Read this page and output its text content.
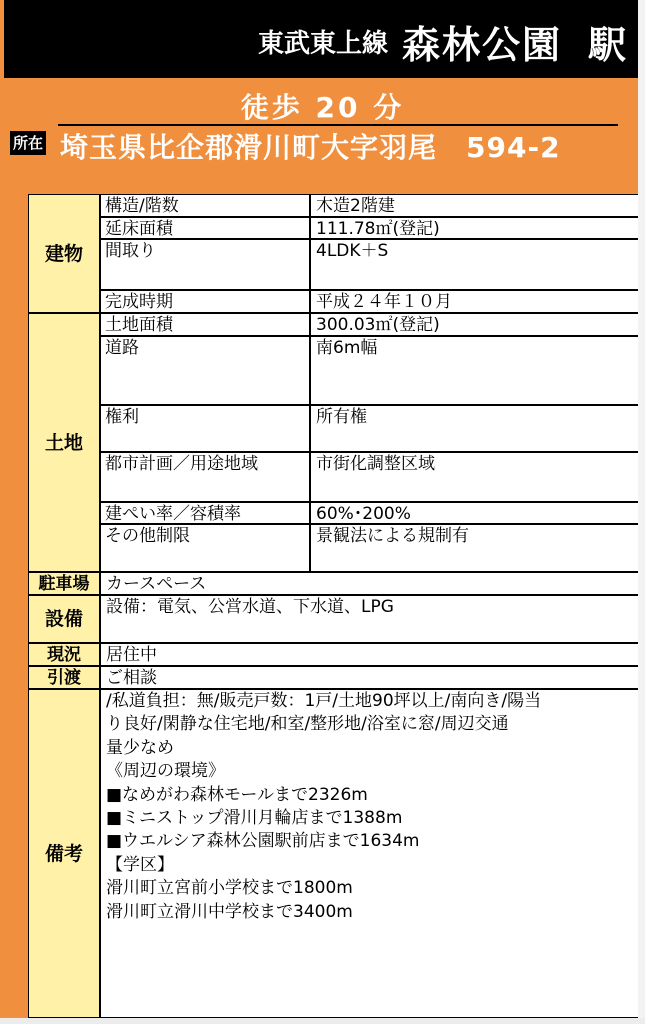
東武東上線 森林公園 駅
徒歩 20 分
所在 埼玉県比企郡滑川町大字羽尾　594-2
建物
構造/階数	木造2階建
延床面積	111.78㎡(登記)
間取り	4LDK＋S
完成時期	平成２４年１０月
土地
土地面積	300.03㎡(登記)
道路	南6m幅
権利	所有権
都市計画／用途地域	市街化調整区域
建ぺい率／容積率	60%･200%
その他制限	景観法による規制有
駐車場 カースペース
設備
設備：電気、公営水道、下水道、LPG
現況	居住中
引渡	ご相談
備考
/私道負担：無/販売戸数：1戸/土地90坪以上/南向き/陽当
り良好/閑静な住宅地/和室/整形地/浴室に窓/周辺交通
量少なめ
《周辺の環境》
■なめがわ森林モールまで2326m
■ミニストップ滑川月輪店まで1388m
■ウエルシア森林公園駅前店まで1634m
【学区】
滑川町立宮前小学校まで1800m
滑川町立滑川中学校まで3400m
